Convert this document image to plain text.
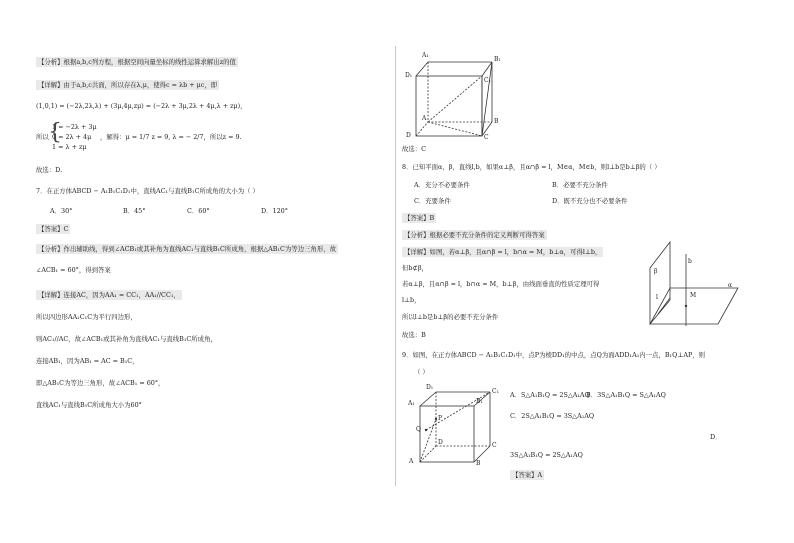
【分析】根据a,b,c列方程，根据空间向量坐标的线性运算求解出z的值
【详解】由于a,b,c共面，所以存在λ,μ，使得c = λb + μc，即
(1,0,1) = (−2λ,2λ,λ) + (3μ,4μ,zμ) = (−2λ + 3μ,2λ + 4μ,λ + zμ)，
所以
1 = −2λ + 3μ
0 = 2λ + 4μ
1 = λ + zμ
{	，解得：μ = 1/7 z = 9, λ = − 2/7，所以z = 9.
故选：D.
7．在正方体ABCD − A₁B₁C₁D₁中，直线AC₁与直线B₁C所成角的大小为（ ）
A．30°	B．45°	C．60°	D．120°
【答案】C
【分析】作出辅助线，得到∠ACB₁或其补角为直线AC₁与直线B₁C所成角，根据△AB₁C为等边三角形，故
∠ACB₁ = 60°，得到答案
【详解】连接AC，因为AA₁ = CC₁，AA₁//CC₁，
所以四边形AA₁C₁C为平行四边形，
则AC₁//AC，故∠ACB₁或其补角为直线AC₁与直线B₁C所成角，
连接AB₁，因为AB₁ = AC = B₁C，
即△AB₁C为等边三角形，故∠ACB₁ = 60°，
直线AC₁与直线B₁C所成角大小为60°
A₁
B₁
C₁
D₁
A	B
C
D
故选：C
8．已知平面α，β，直线l,b，如果α⊥β，且α∩β = l，M∈α，M∈b，则l⊥b是b⊥β的（ ）
A．充分不必要条件	B．必要不充分条件
C．充要条件	D．既不充分也不必要条件
【答案】B
【分析】根据必要不充分条件的定义判断可得答案
【详解】如图，若α⊥β，且α∩β = l，b∩α = M，b⊥α，可得l⊥b，
但b⊄β，
若α⊥β，且α∩β = l，b∩α = M，b⊥β，由线面垂直的性质定理可得
l⊥b，
所以l⊥b是b⊥β的必要不充分条件
故选：B
b
α
l	M
β
9．如图，在正方体ABCD − A₁B₁C₁D₁中，点P为棱DD₁的中点，点Q为面ADD₁A₁内一点，B₁Q⊥AP，则
（ ）
D₁
C₁
A₁	B₁
P
Q
D	C
A	B
A．S△A₁B₁Q = 2S△A₁AQ
B．3S△A₁B₁Q = S△A₁AQ
C．2S△A₁B₁Q = 3S△A₁AQ
D．
3S△A₁B₁Q = 2S△A₁AQ
【答案】A
